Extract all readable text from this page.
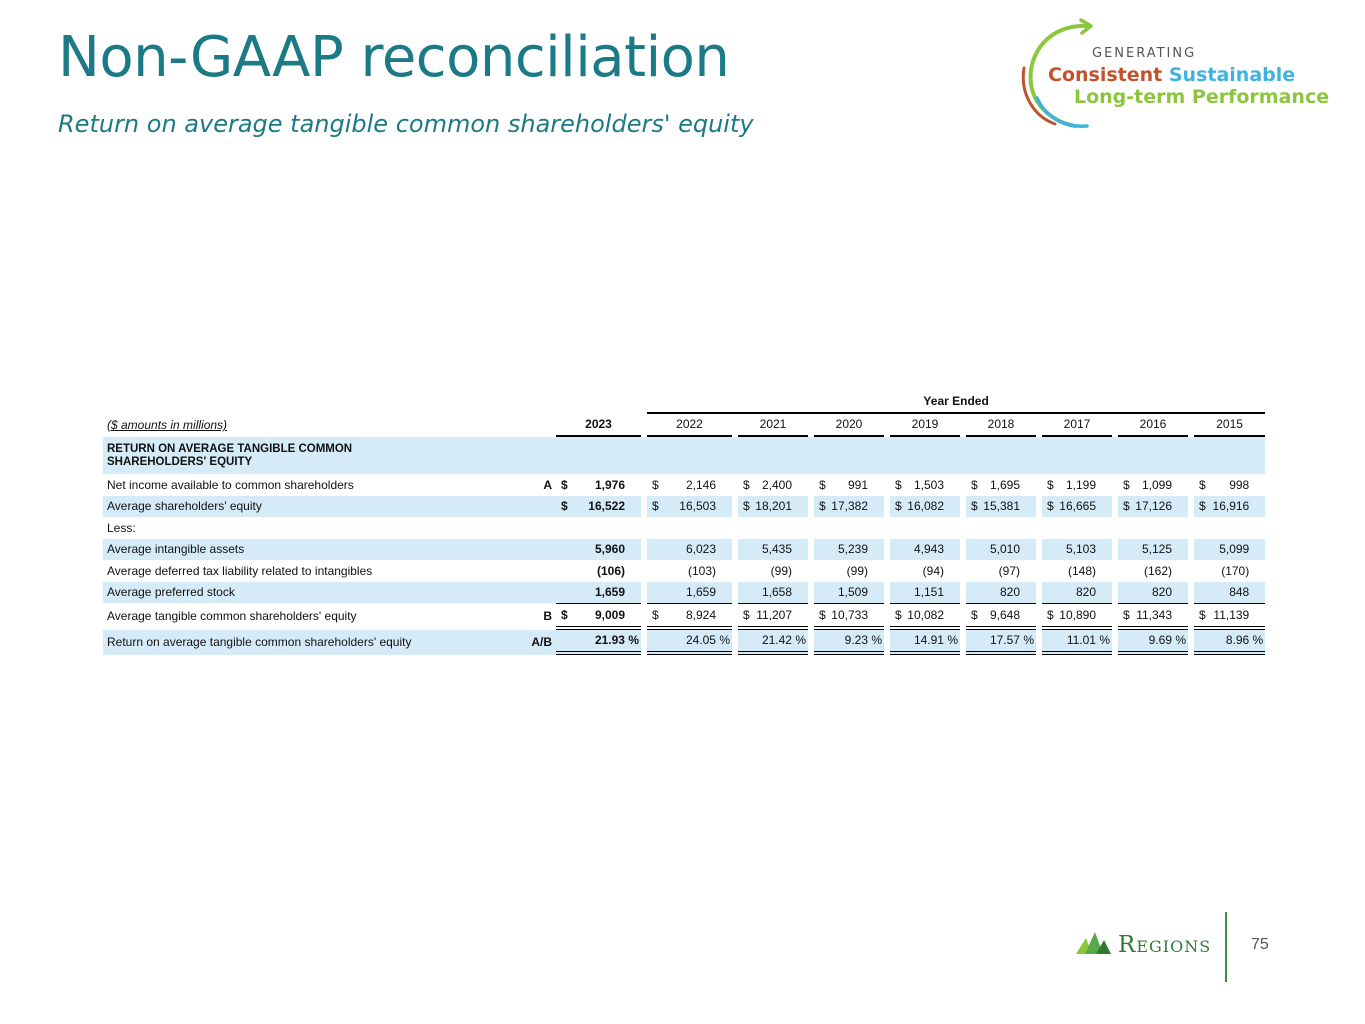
Non-GAAP reconciliation
Return on average tangible common shareholders' equity
GENERATING
Consistent Sustainable
Long-term Performance
				Year Ended														
($ amounts in millions)		2023		2022		2021		2020		2019		2018		2017		2016		2015
RETURN ON AVERAGE TANGIBLE COMMON SHAREHOLDERS' EQUITY																		
Net income available to common shareholders	A	$ 1,976		$ 2,146		$ 2,400		$ 991		$ 1,503		$ 1,695		$ 1,199		$ 1,099		$ 998
Average shareholders' equity		$ 16,522		$ 16,503		$ 18,201		$ 17,382		$ 16,082		$ 15,381		$ 16,665		$ 17,126		$ 16,916
Less:																		
Average intangible assets		5,960		6,023		5,435		5,239		4,943		5,010		5,103		5,125		5,099
Average deferred tax liability related to intangibles		(106)		(103)		(99)		(99)		(94)		(97)		(148)		(162)		(170)
Average preferred stock		1,659		1,659		1,658		1,509		1,151		820		820		820		848
Average tangible common shareholders' equity	B	$ 9,009		$ 8,924		$ 11,207		$ 10,733		$ 10,082		$ 9,648		$ 10,890		$ 11,343		$ 11,139
Return on average tangible common shareholders' equity	A/B	21.93 %		24.05 %		21.42 %		9.23 %		14.91 %		17.57 %		11.01 %		9.69 %		8.96 %
Regions 75
